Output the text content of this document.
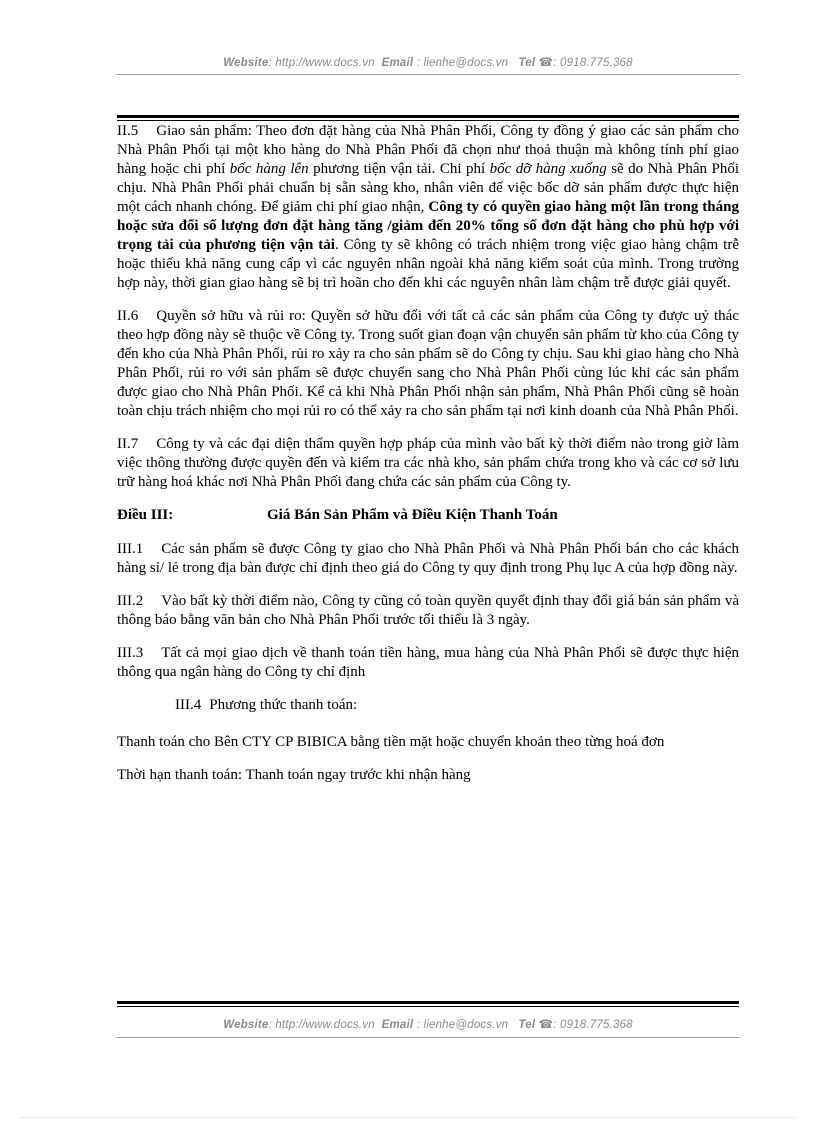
Website: http://www.docs.vn Email : lienhe@docs.vn Tel ☎: 0918.775.368

II.5 Giao sản phẩm: Theo đơn đặt hàng của Nhà Phân Phối, Công ty đồng ý giao các sản phẩm cho Nhà Phân Phối tại một kho hàng do Nhà Phân Phối đã chọn như thoả thuận mà không tính phí giao hàng hoặc chi phí bốc hàng lên phương tiện vận tải. Chi phí bốc dỡ hàng xuống sẽ do Nhà Phân Phối chịu. Nhà Phân Phối phải chuẩn bị sẵn sàng kho, nhân viên để việc bốc dỡ sản phẩm được thực hiện một cách nhanh chóng. Để giảm chi phí giao nhận, Công ty có quyền giao hàng một lần trong tháng hoặc sửa đổi số lượng đơn đặt hàng tăng /giảm đến 20% tổng số đơn đặt hàng cho phù hợp với trọng tải của phương tiện vận tải. Công ty sẽ không có trách nhiệm trong việc giao hàng chậm trễ hoặc thiếu khả năng cung cấp vì các nguyên nhân ngoài khả năng kiểm soát của mình. Trong trường hợp này, thời gian giao hàng sẽ bị trì hoãn cho đến khi các nguyên nhân làm chậm trễ được giải quyết.

II.6 Quyền sở hữu và rủi ro: Quyền sở hữu đối với tất cả các sản phẩm của Công ty được uỷ thác theo hợp đồng này sẽ thuộc về Công ty. Trong suốt gian đoạn vận chuyển sản phẩm từ kho của Công ty đến kho của Nhà Phân Phối, rủi ro xảy ra cho sản phẩm sẽ do Công ty chịu. Sau khi giao hàng cho Nhà Phân Phối, rủi ro với sản phẩm sẽ được chuyển sang cho Nhà Phân Phối cùng lúc khi các sản phẩm được giao cho Nhà Phân Phối. Kể cả khi Nhà Phân Phối nhận sản phẩm, Nhà Phân Phối cũng sẽ hoàn toàn chịu trách nhiệm cho mọi rủi ro có thể xảy ra cho sản phẩm tại nơi kinh doanh của Nhà Phân Phối.

II.7 Công ty và các đại diện thẩm quyền hợp pháp của mình vào bất kỳ thời điểm nào trong giờ làm việc thông thường được quyền đến và kiểm tra các nhà kho, sản phẩm chứa trong kho và các cơ sở lưu trữ hàng hoá khác nơi Nhà Phân Phối đang chứa các sản phẩm của Công ty.

Điều III:	Giá Bán Sản Phẩm và Điều Kiện Thanh Toán

III.1 Các sản phẩm sẽ được Công ty giao cho Nhà Phân Phối và Nhà Phân Phối bán cho các khách hàng sỉ/ lẻ trong địa bàn được chỉ định theo giá do Công ty quy định trong Phụ lục A của hợp đồng này.

III.2 Vào bất kỳ thời điểm nào, Công ty cũng có toàn quyền quyết định thay đổi giá bán sản phẩm và thông báo bằng văn bản cho Nhà Phân Phối trước tối thiểu là 3 ngày.

III.3 Tất cả mọi giao dịch về thanh toán tiền hàng, mua hàng của Nhà Phân Phối sẽ được thực hiện thông qua ngân hàng do Công ty chỉ định

III.4 Phương thức thanh toán:

Thanh toán cho Bên CTY CP BIBICA bằng tiền mặt hoặc chuyển khoản theo từng hoá đơn

Thời hạn thanh toán: Thanh toán ngay trước khi nhận hàng

Website: http://www.docs.vn Email : lienhe@docs.vn Tel ☎: 0918.775.368
